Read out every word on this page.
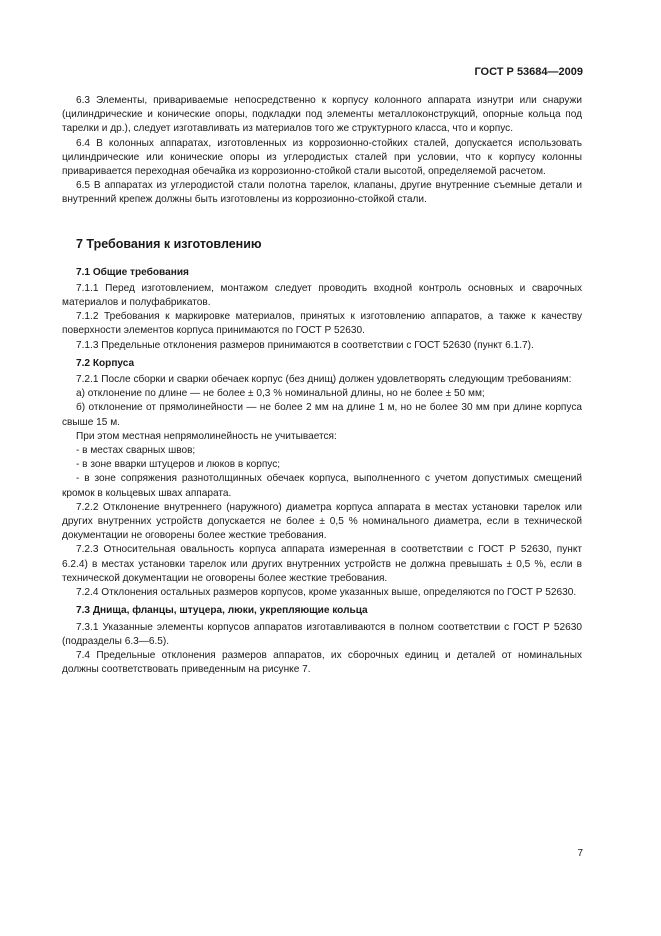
ГОСТ Р 53684—2009

6.3 Элементы, привариваемые непосредственно к корпусу колонного аппарата изнутри или снаружи (цилиндрические и конические опоры, подкладки под элементы металлоконструкций, опорные кольца под тарелки и др.), следует изготавливать из материалов того же структурного класса, что и корпус.

6.4 В колонных аппаратах, изготовленных из коррозионно-стойких сталей, допускается использовать цилиндрические или конические опоры из углеродистых сталей при условии, что к корпусу колонны приваривается переходная обечайка из коррозионно-стойкой стали высотой, определяемой расчетом.

6.5 В аппаратах из углеродистой стали полотна тарелок, клапаны, другие внутренние съемные детали и внутренний крепеж должны быть изготовлены из коррозионно-стойкой стали.

7 Требования к изготовлению

7.1 Общие требования

7.1.1 Перед изготовлением, монтажом следует проводить входной контроль основных и сварочных материалов и полуфабрикатов.

7.1.2 Требования к маркировке материалов, принятых к изготовлению аппаратов, а также к качеству поверхности элементов корпуса принимаются по ГОСТ Р 52630.

7.1.3 Предельные отклонения размеров принимаются в соответствии с ГОСТ 52630 (пункт 6.1.7).

7.2 Корпуса

7.2.1 После сборки и сварки обечаек корпус (без днищ) должен удовлетворять следующим требованиям:

а) отклонение по длине — не более ± 0,3 % номинальной длины, но не более ± 50 мм;

б) отклонение от прямолинейности — не более 2 мм на длине 1 м, но не более 30 мм при длине корпуса свыше 15 м.

При этом местная непрямолинейность не учитывается:

- в местах сварных швов;

- в зоне вварки штуцеров и люков в корпус;

- в зоне сопряжения разнотолщинных обечаек корпуса, выполненного с учетом допустимых смещений кромок в кольцевых швах аппарата.

7.2.2 Отклонение внутреннего (наружного) диаметра корпуса аппарата в местах установки тарелок или других внутренних устройств допускается не более ± 0,5 % номинального диаметра, если в технической документации не оговорены более жесткие требования.

7.2.3 Относительная овальность корпуса аппарата измеренная в соответствии с ГОСТ Р 52630, пункт 6.2.4) в местах установки тарелок или других внутренних устройств не должна превышать ± 0,5 %, если в технической документации не оговорены более жесткие требования.

7.2.4 Отклонения остальных размеров корпусов, кроме указанных выше, определяются по ГОСТ Р 52630.

7.3 Днища, фланцы, штуцера, люки, укрепляющие кольца

7.3.1 Указанные элементы корпусов аппаратов изготавливаются в полном соответствии с ГОСТ Р 52630 (подразделы 6.3—6.5).

7.4 Предельные отклонения размеров аппаратов, их сборочных единиц и деталей от номинальных должны соответствовать приведенным на рисунке 7.

7
